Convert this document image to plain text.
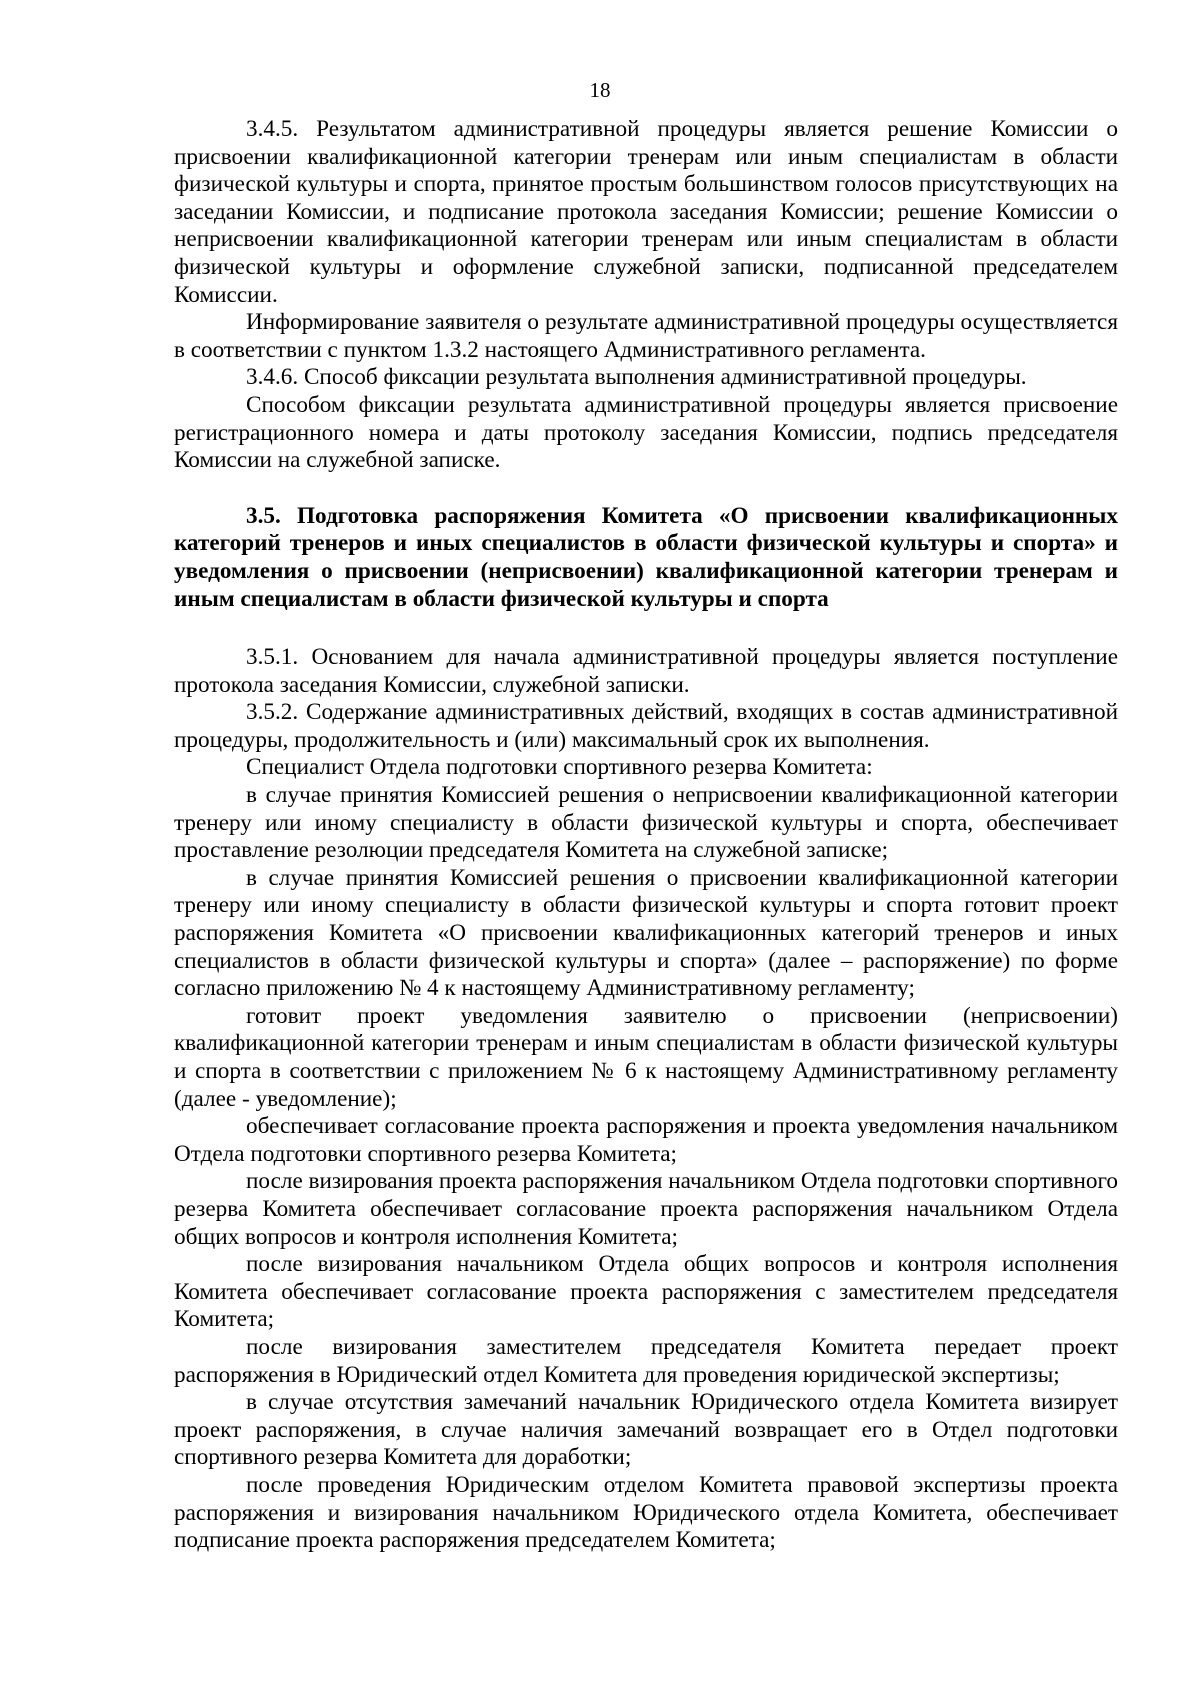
18

3.4.5. Результатом административной процедуры является решение Комиссии о присвоении квалификационной категории тренерам или иным специалистам в области физической культуры и спорта, принятое простым большинством голосов присутствующих на заседании Комиссии, и подписание протокола заседания Комиссии; решение Комиссии о неприсвоении квалификационной категории тренерам или иным специалистам в области физической культуры и оформление служебной записки, подписанной председателем Комиссии.

Информирование заявителя о результате административной процедуры осуществляется в соответствии с пунктом 1.3.2 настоящего Административного регламента.

3.4.6. Способ фиксации результата выполнения административной процедуры.

Способом фиксации результата административной процедуры является присвоение регистрационного номера и даты протоколу заседания Комиссии, подпись председателя Комиссии на служебной записке.

3.5. Подготовка распоряжения Комитета «О присвоении квалификационных категорий тренеров и иных специалистов в области физической культуры и спорта» и уведомления о присвоении (неприсвоении) квалификационной категории тренерам и иным специалистам в области физической культуры и спорта

3.5.1. Основанием для начала административной процедуры является поступление протокола заседания Комиссии, служебной записки.

3.5.2. Содержание административных действий, входящих в состав административной процедуры, продолжительность и (или) максимальный срок их выполнения.

Специалист Отдела подготовки спортивного резерва Комитета:

в случае принятия Комиссией решения о неприсвоении квалификационной категории тренеру или иному специалисту в области физической культуры и спорта, обеспечивает проставление резолюции председателя Комитета на служебной записке;

в случае принятия Комиссией решения о присвоении квалификационной категории тренеру или иному специалисту в области физической культуры и спорта готовит проект распоряжения Комитета «О присвоении квалификационных категорий тренеров и иных специалистов в области физической культуры и спорта» (далее – распоряжение) по форме согласно приложению № 4 к настоящему Административному регламенту;

готовит проект уведомления заявителю о присвоении (неприсвоении) квалификационной категории тренерам и иным специалистам в области физической культуры и спорта в соответствии с приложением № 6 к настоящему Административному регламенту (далее - уведомление);

обеспечивает согласование проекта распоряжения и проекта уведомления начальником Отдела подготовки спортивного резерва Комитета;

после визирования проекта распоряжения начальником Отдела подготовки спортивного резерва Комитета обеспечивает согласование проекта распоряжения начальником Отдела общих вопросов и контроля исполнения Комитета;

после визирования начальником Отдела общих вопросов и контроля исполнения Комитета обеспечивает согласование проекта распоряжения с заместителем председателя Комитета;

после визирования заместителем председателя Комитета передает проект распоряжения в Юридический отдел Комитета для проведения юридической экспертизы;

в случае отсутствия замечаний начальник Юридического отдела Комитета визирует проект распоряжения, в случае наличия замечаний возвращает его в Отдел подготовки спортивного резерва Комитета для доработки;

после проведения Юридическим отделом Комитета правовой экспертизы проекта распоряжения и визирования начальником Юридического отдела Комитета, обеспечивает подписание проекта распоряжения председателем Комитета;
